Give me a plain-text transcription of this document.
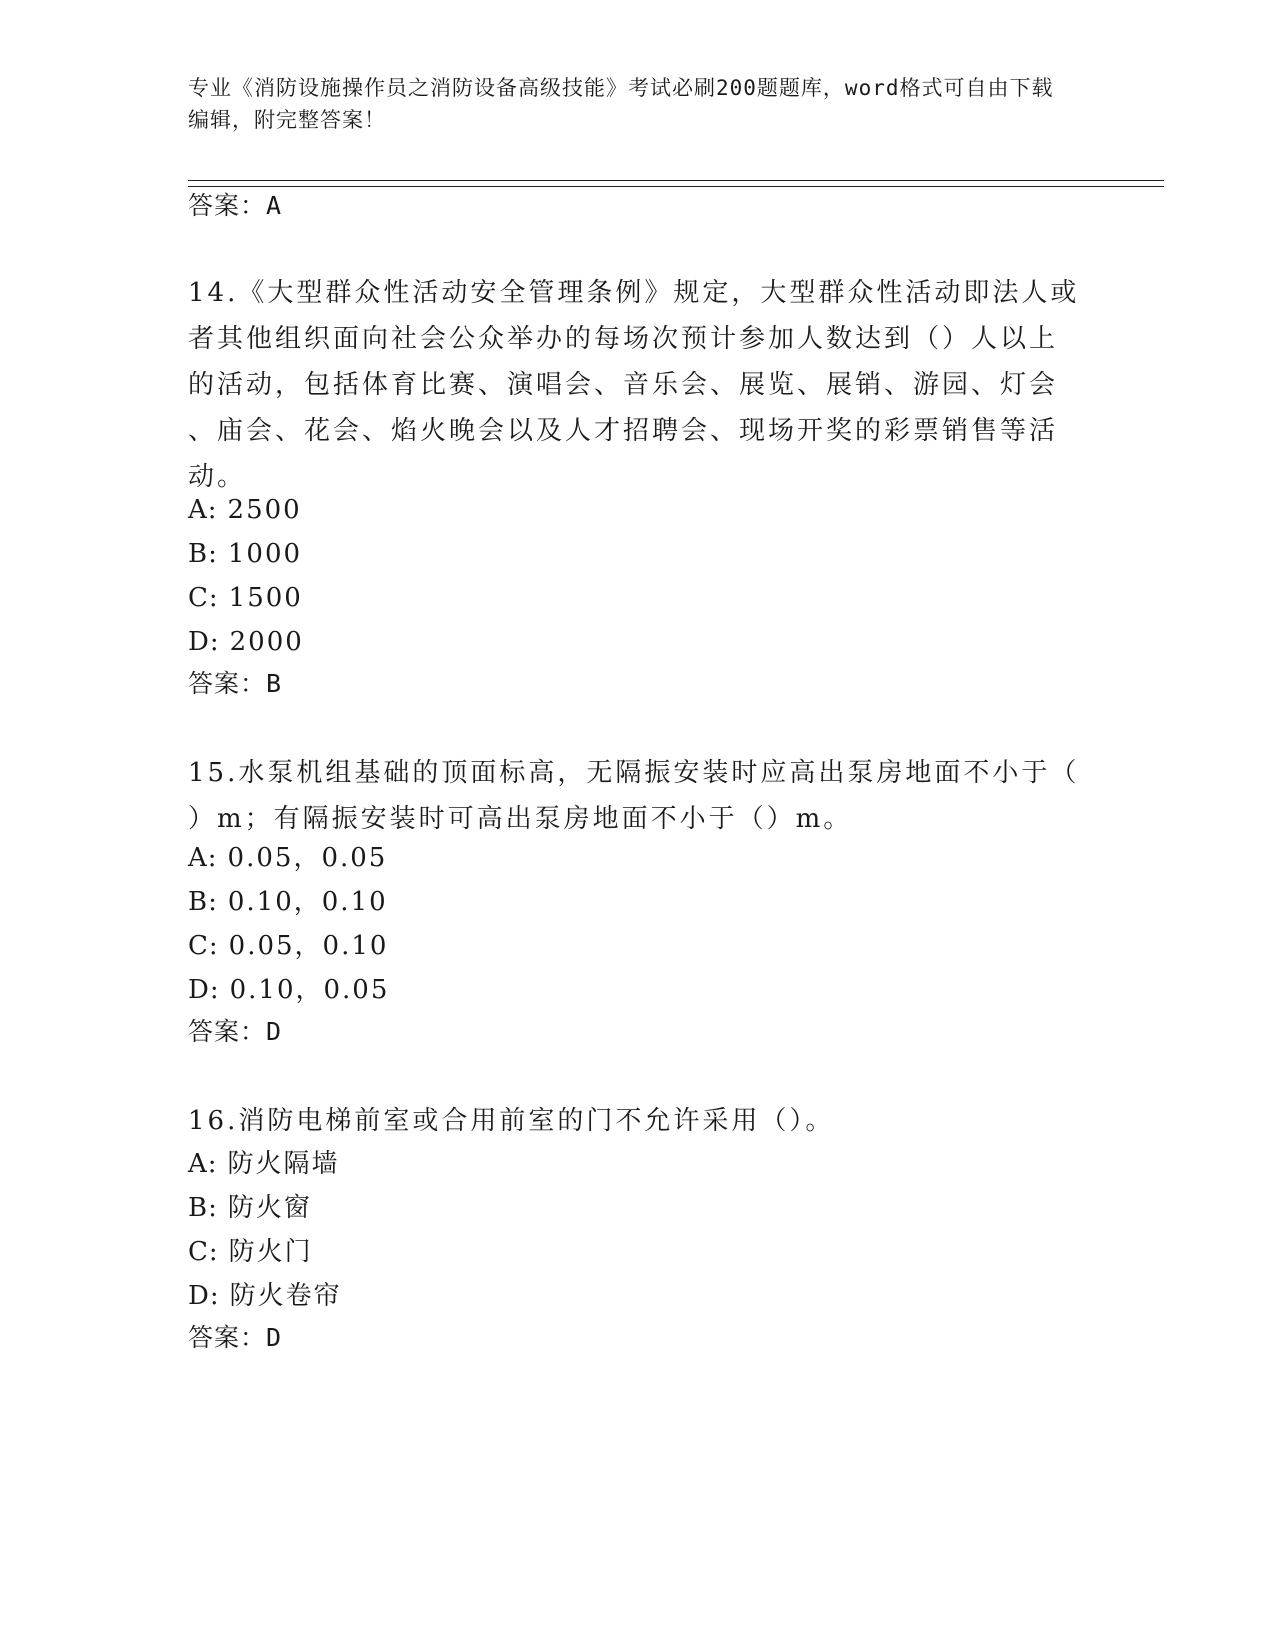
专业《消防设施操作员之消防设备高级技能》考试必刷200题题库，word格式可自由下载编辑，附完整答案！
答案：A
14.《大型群众性活动安全管理条例》规定，大型群众性活动即法人或
者其他组织面向社会公众举办的每场次预计参加人数达到（）人以上
的活动，包括体育比赛、演唱会、音乐会、展览、展销、游园、灯会
、庙会、花会、焰火晚会以及人才招聘会、现场开奖的彩票销售等活
动。
A: 2500
B: 1000
C: 1500
D: 2000
答案：B
15.水泵机组基础的顶面标高，无隔振安装时应高出泵房地面不小于（
）m；有隔振安装时可高出泵房地面不小于（）m。
A: 0.05，0.05
B: 0.10，0.10
C: 0.05，0.10
D: 0.10，0.05
答案：D
16.消防电梯前室或合用前室的门不允许采用（）。
A: 防火隔墙
B: 防火窗
C: 防火门
D: 防火卷帘
答案：D
